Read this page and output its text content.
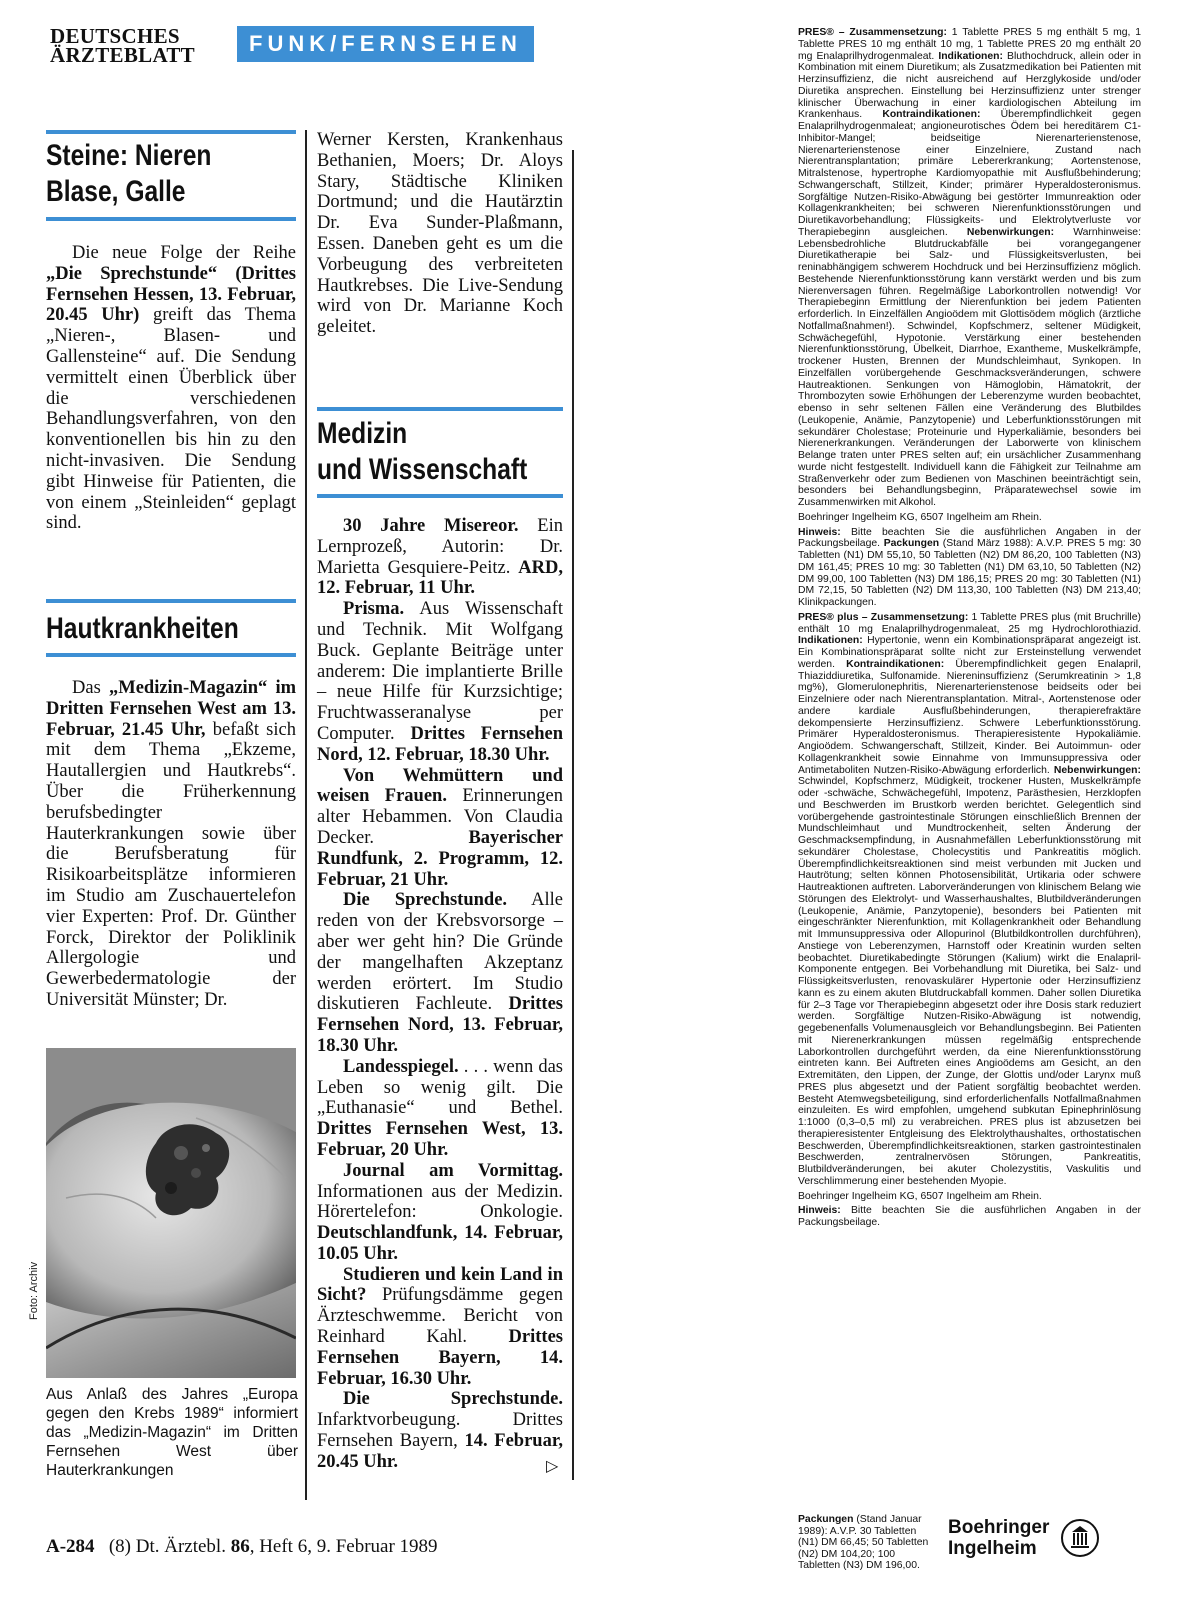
DEUTSCHES
ÄRZTEBLATT	FUNK/FERNSEHEN
Steine: Nieren
Blase, Galle

Die neue Folge der Reihe „Die Sprechstunde“ (Drittes Fernsehen Hessen, 13. Februar, 20.45 Uhr) greift das Thema „Nieren-, Blasen- und Gallensteine“ auf. Die Sendung vermittelt einen Überblick über die verschiedenen Behandlungsverfahren, von den konventionellen bis hin zu den nicht-invasiven. Die Sendung gibt Hinweise für Patienten, die von einem „Steinleiden“ geplagt sind.

Hautkrankheiten

Das „Medizin-Magazin“ im Dritten Fernsehen West am 13. Februar, 21.45 Uhr, befaßt sich mit dem Thema „Ekzeme, Hautallergien und Hautkrebs“. Über die Früherkennung berufsbedingter Hauterkrankungen sowie über die Berufsberatung für Risikoarbeitsplätze informieren im Studio am Zuschauertelefon vier Experten: Prof. Dr. Günther Forck, Direktor der Poliklinik Allergologie und Gewerbedermatologie der Universität Münster; Dr.

Foto: Archiv
Aus Anlaß des Jahres „Europa gegen den Krebs 1989“ informiert das „Medizin-Magazin“ im Dritten Fernsehen West über Hauterkrankungen

Werner Kersten, Krankenhaus Bethanien, Moers; Dr. Aloys Stary, Städtische Kliniken Dortmund; und die Hautärztin Dr. Eva Sunder-Plaßmann, Essen. Daneben geht es um die Vorbeugung des verbreiteten Hautkrebses. Die Live-Sendung wird von Dr. Marianne Koch geleitet.

Medizin
und Wissenschaft

30 Jahre Misereor. Ein Lernprozeß, Autorin: Dr. Marietta Gesquiere-Peitz. ARD, 12. Februar, 11 Uhr.

Prisma. Aus Wissenschaft und Technik. Mit Wolfgang Buck. Geplante Beiträge unter anderem: Die implantierte Brille – neue Hilfe für Kurzsichtige; Fruchtwasseranalyse per Computer. Drittes Fernsehen Nord, 12. Februar, 18.30 Uhr.

Von Wehmüttern und weisen Frauen. Erinnerungen alter Hebammen. Von Claudia Decker. Bayerischer Rundfunk, 2. Programm, 12. Februar, 21 Uhr.

Die Sprechstunde. Alle reden von der Krebsvorsorge – aber wer geht hin? Die Gründe der mangelhaften Akzeptanz werden erörtert. Im Studio diskutieren Fachleute. Drittes Fernsehen Nord, 13. Februar, 18.30 Uhr.

Landesspiegel. . . . wenn das Leben so wenig gilt. Die „Euthanasie“ und Bethel. Drittes Fernsehen West, 13. Februar, 20 Uhr.

Journal am Vormittag. Informationen aus der Medizin. Hörertelefon: Onkologie. Deutschlandfunk, 14. Februar, 10.05 Uhr.

Studieren und kein Land in Sicht? Prüfungsdämme gegen Ärzteschwemme. Bericht von Reinhard Kahl. Drittes Fernsehen Bayern, 14. Februar, 16.30 Uhr.

Die Sprechstunde. Infarktvorbeugung. Drittes Fernsehen Bayern, 14. Februar, 20.45 Uhr.	▷
A-284 (8) Dt. Ärztebl. 86, Heft 6, 9. Februar 1989

PRES® – Zusammensetzung: 1 Tablette PRES 5 mg enthält 5 mg, 1 Tablette PRES 10 mg enthält 10 mg, 1 Tablette PRES 20 mg enthält 20 mg Enalaprilhydrogenmaleat. Indikationen: Bluthochdruck, allein oder in Kombination mit einem Diuretikum; als Zusatzmedikation bei Patienten mit Herzinsuffizienz, die nicht ausreichend auf Herzglykoside und/oder Diuretika ansprechen. Einstellung bei Herzinsuffizienz unter strenger klinischer Überwachung in einer kardiologischen Abteilung im Krankenhaus. Kontraindikationen: Überempfindlichkeit gegen Enalaprilhydrogenmaleat; angioneurotisches Ödem bei hereditärem C1-Inhibitor-Mangel; beidseitige Nierenarterienstenose, Nierenarterienstenose einer Einzelniere, Zustand nach Nierentransplantation; primäre Lebererkrankung; Aortenstenose, Mitralstenose, hypertrophe Kardiomyopathie mit Ausflußbehinderung; Schwangerschaft, Stillzeit, Kinder; primärer Hyperaldosteronismus. Sorgfältige Nutzen-Risiko-Abwägung bei gestörter Immunreaktion oder Kollagenkrankheiten; bei schweren Nierenfunktionsstörungen und Diuretikavorbehandlung; Flüssigkeits- und Elektrolytverluste vor Therapiebeginn ausgleichen. Nebenwirkungen: Warnhinweise: Lebensbedrohliche Blutdruckabfälle bei vorangegangener Diuretikatherapie bei Salz- und Flüssigkeitsverlusten, bei reninabhängigem schwerem Hochdruck und bei Herzinsuffizienz möglich. Bestehende Nierenfunktionsstörung kann verstärkt werden und bis zum Nierenversagen führen. Regelmäßige Laborkontrollen notwendig! Vor Therapiebeginn Ermittlung der Nierenfunktion bei jedem Patienten erforderlich. In Einzelfällen Angioödem mit Glottisödem möglich (ärztliche Notfallmaßnahmen!). Schwindel, Kopfschmerz, seltener Müdigkeit, Schwächegefühl, Hypotonie. Verstärkung einer bestehenden Nierenfunktionsstörung, Übelkeit, Diarrhoe, Exantheme, Muskelkrämpfe, trockener Husten, Brennen der Mundschleimhaut, Synkopen. In Einzelfällen vorübergehende Geschmacksveränderungen, schwere Hautreaktionen. Senkungen von Hämoglobin, Hämatokrit, der Thrombozyten sowie Erhöhungen der Leberenzyme wurden beobachtet, ebenso in sehr seltenen Fällen eine Veränderung des Blutbildes (Leukopenie, Anämie, Panzytopenie) und Leberfunktionsstörungen mit sekundärer Cholestase; Proteinurie und Hyperkaliämie, besonders bei Nierenerkrankungen. Veränderungen der Laborwerte von klinischem Belange traten unter PRES selten auf; ein ursächlicher Zusammenhang wurde nicht festgestellt. Individuell kann die Fähigkeit zur Teilnahme am Straßenverkehr oder zum Bedienen von Maschinen beeinträchtigt sein, besonders bei Behandlungsbeginn, Präparatewechsel sowie im Zusammenwirken mit Alkohol.

Boehringer Ingelheim KG, 6507 Ingelheim am Rhein.

Hinweis: Bitte beachten Sie die ausführlichen Angaben in der Packungsbeilage. Packungen (Stand März 1988): A.V.P. PRES 5 mg: 30 Tabletten (N1) DM 55,10, 50 Tabletten (N2) DM 86,20, 100 Tabletten (N3) DM 161,45; PRES 10 mg: 30 Tabletten (N1) DM 63,10, 50 Tabletten (N2) DM 99,00, 100 Tabletten (N3) DM 186,15; PRES 20 mg: 30 Tabletten (N1) DM 72,15, 50 Tabletten (N2) DM 113,30, 100 Tabletten (N3) DM 213,40; Klinikpackungen.

PRES® plus – Zusammensetzung: 1 Tablette PRES plus (mit Bruchrille) enthält 10 mg Enalaprilhydrogenmaleat, 25 mg Hydrochlorothiazid. Indikationen: Hypertonie, wenn ein Kombinationspräparat angezeigt ist. Ein Kombinationspräparat sollte nicht zur Ersteinstellung verwendet werden. Kontraindikationen: Überempfindlichkeit gegen Enalapril, Thiaziddiuretika, Sulfonamide. Niereninsuffizienz (Serumkreatinin > 1,8 mg%), Glomerulonephritis, Nierenarterienstenose beidseits oder bei Einzelniere oder nach Nierentransplantation. Mitral-, Aortenstenose oder andere kardiale Ausflußbehinderungen, therapierefraktäre dekompensierte Herzinsuffizienz. Schwere Leberfunktionsstörung. Primärer Hyperaldosteronismus. Therapieresistente Hypokaliämie. Angioödem. Schwangerschaft, Stillzeit, Kinder. Bei Autoimmun- oder Kollagenkrankheit sowie Einnahme von Immunsuppressiva oder Antimetaboliten Nutzen-Risiko-Abwägung erforderlich. Nebenwirkungen: Schwindel, Kopfschmerz, Müdigkeit, trockener Husten, Muskelkrämpfe oder -schwäche, Schwächegefühl, Impotenz, Parästhesien, Herzklopfen und Beschwerden im Brustkorb werden berichtet. Gelegentlich sind vorübergehende gastrointestinale Störungen einschließlich Brennen der Mundschleimhaut und Mundtrockenheit, selten Änderung der Geschmacksempfindung, in Ausnahmefällen Leberfunktionsstörung mit sekundärer Cholestase, Cholecystitis und Pankreatitis möglich. Überempfindlichkeitsreaktionen sind meist verbunden mit Jucken und Hautrötung; selten können Photosensibilität, Urtikaria oder schwere Hautreaktionen auftreten. Laborveränderungen von klinischem Belang wie Störungen des Elektrolyt- und Wasserhaushaltes, Blutbildveränderungen (Leukopenie, Anämie, Panzytopenie), besonders bei Patienten mit eingeschränkter Nierenfunktion, mit Kollagenkrankheit oder Behandlung mit Immunsuppressiva oder Allopurinol (Blutbildkontrollen durchführen), Anstiege von Leberenzymen, Harnstoff oder Kreatinin wurden selten beobachtet. Diuretikabedingte Störungen (Kalium) wirkt die Enalapril-Komponente entgegen. Bei Vorbehandlung mit Diuretika, bei Salz- und Flüssigkeitsverlusten, renovaskulärer Hypertonie oder Herzinsuffizienz kann es zu einem akuten Blutdruckabfall kommen. Daher sollen Diuretika für 2–3 Tage vor Therapiebeginn abgesetzt oder ihre Dosis stark reduziert werden. Sorgfältige Nutzen-Risiko-Abwägung ist notwendig, gegebenenfalls Volumenausgleich vor Behandlungsbeginn. Bei Patienten mit Nierenerkrankungen müssen regelmäßig entsprechende Laborkontrollen durchgeführt werden, da eine Nierenfunktionsstörung eintreten kann. Bei Auftreten eines Angioödems am Gesicht, an den Extremitäten, den Lippen, der Zunge, der Glottis und/oder Larynx muß PRES plus abgesetzt und der Patient sorgfältig beobachtet werden. Besteht Atemwegsbeteiligung, sind erforderlichenfalls Notfallmaßnahmen einzuleiten. Es wird empfohlen, umgehend subkutan Epinephrinlösung 1:1000 (0,3–0,5 ml) zu verabreichen. PRES plus ist abzusetzen bei therapieresistenter Entgleisung des Elektrolythaushaltes, orthostatischen Beschwerden, Überempfindlichkeitsreaktionen, starken gastrointestinalen Beschwerden, zentralnervösen Störungen, Pankreatitis, Blutbildveränderungen, bei akuter Cholezystitis, Vaskulitis und Verschlimmerung einer bestehenden Myopie.

Boehringer Ingelheim KG, 6507 Ingelheim am Rhein.

Hinweis: Bitte beachten Sie die ausführlichen Angaben in der Packungsbeilage.

Packungen (Stand Januar 1989): A.V.P. 30 Tabletten (N1) DM 66,45; 50 Tabletten (N2) DM 104,20; 100 Tabletten (N3) DM 196,00.
Boehringer
Ingelheim
